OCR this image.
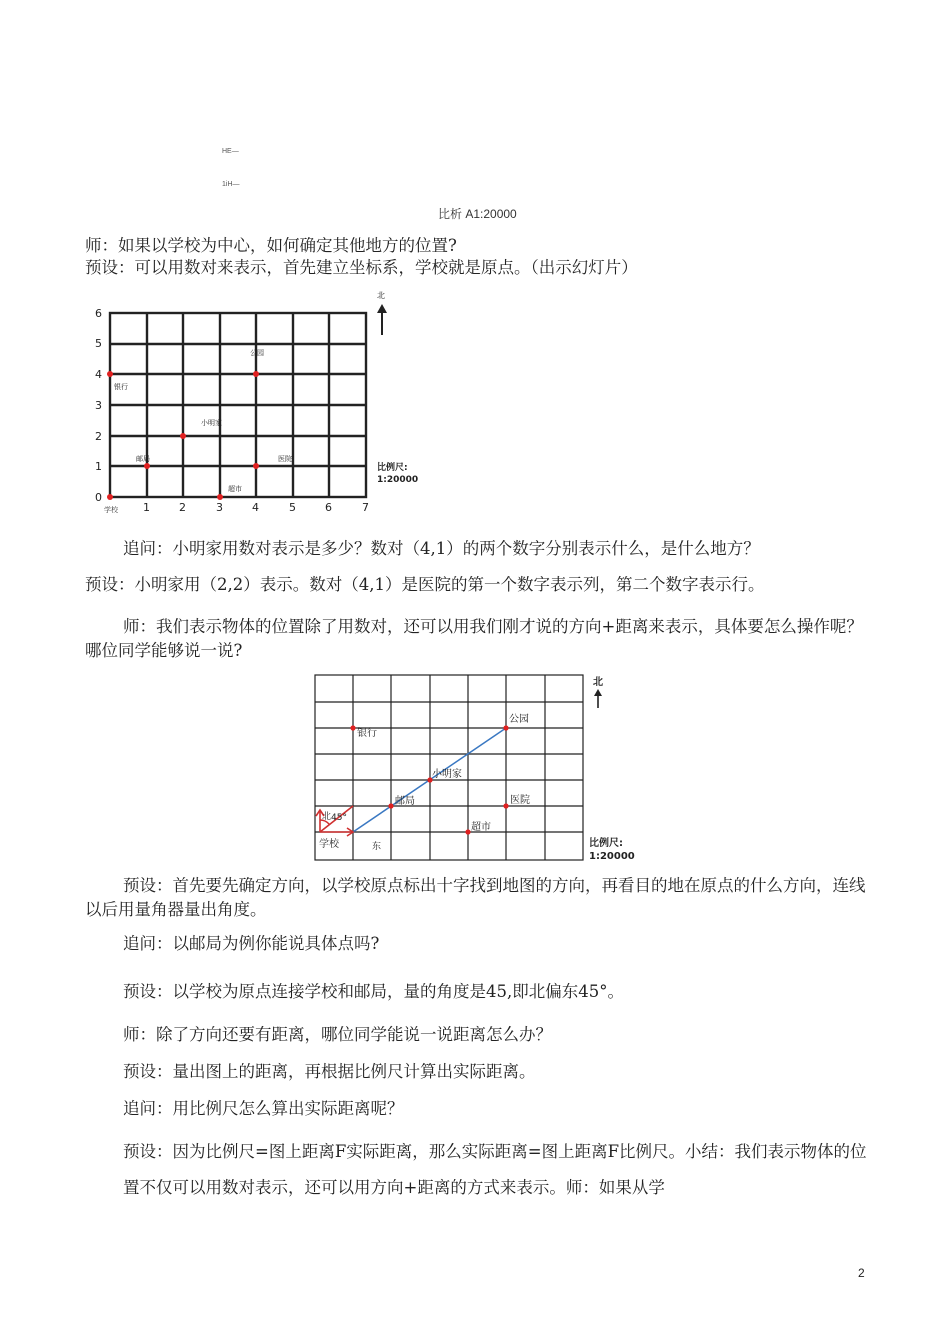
HE—
1iH—
比析 A1:20000
师：如果以学校为中心，如何确定其他地方的位置?
预设：可以用数对来表示，首先建立坐标系，学校就是原点。（出示幻灯片）
6
5
4
3
2
1
0
1	2	3	4	5	6	7
学校
银行
公园
小明家
邮局	医院
超市
北
比例尺:
1:20000
追问：小明家用数对表示是多少？数对（4,1）的两个数字分别表示什么，是什么地方？
预设：小明家用（2,2）表示。数对（4,1）是医院的第一个数字表示列，第二个数字表示行。
师：我们表示物体的位置除了用数对，还可以用我们刚才说的方向+距离来表示，具体要怎么操作呢？哪位同学能够说一说?
银行
公园
小明家
邮局	医院
超市
45°
北
东
学校
北
比例尺:
1:20000
预设：首先要先确定方向，以学校原点标出十字找到地图的方向，再看目的地在原点的什么方向，连线以后用量角器量出角度。
追问：以邮局为例你能说具体点吗?
预设：以学校为原点连接学校和邮局，量的角度是45,即北偏东45°。
师：除了方向还要有距离，哪位同学能说一说距离怎么办？
预设：量出图上的距离，再根据比例尺计算出实际距离。
追问：用比例尺怎么算出实际距离呢？
预设：因为比例尺=图上距离F实际距离，那么实际距离=图上距离F比例尺。小结：我们表示物体的位置不仅可以用数对表示，还可以用方向+距离的方式来表示。师：如果从学
2
